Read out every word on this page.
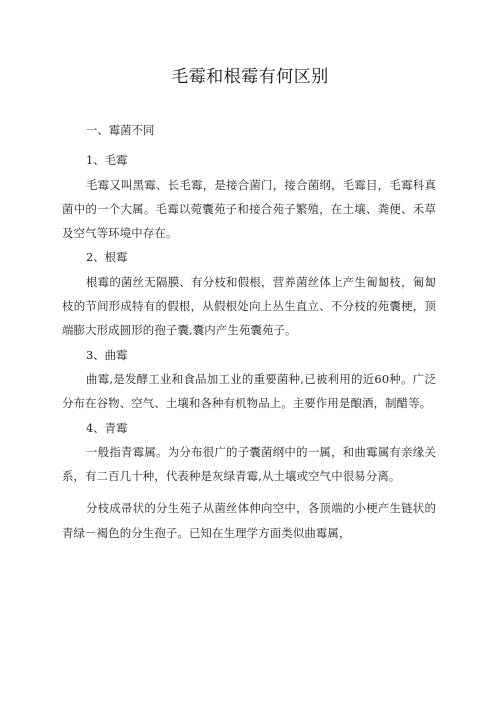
毛霉和根霉有何区别

一、霉菌不同

1、毛霉

毛霉又叫黑霉、长毛霉，是接合菌门，接合菌纲，毛霉目，毛霉科真菌中的一个大属。毛霉以菀囊苑子和接合苑子繁殖，在土壤、粪便、禾草及空气等环境中存在。

2、根霉

根霉的菌丝无隔膜、有分枝和假根，营养菌丝体上产生匍匐枝，匍匐枝的节间形成特有的假根，从假根处向上丛生直立、不分枝的苑囊梗，顶端膨大形成圆形的孢子囊,囊内产生苑囊苑子。

3、曲霉

曲霉,是发酵工业和食品加工业的重要菌种,已被利用的近60种。广泛分布在谷物、空气、土壤和各种有机物品上。主要作用是酿酒，制醋等。

4、青霉

一般指青霉属。为分布很广的子囊菌纲中的一属，和曲霉属有亲缘关系，有二百几十种，代表种是灰绿青霉,从土壤或空气中很易分离。

分枝成帚状的分生苑子从菌丝体伸向空中，各顶端的小梗产生链状的青绿－褐色的分生孢子。已知在生理学方面类似曲霉属，
